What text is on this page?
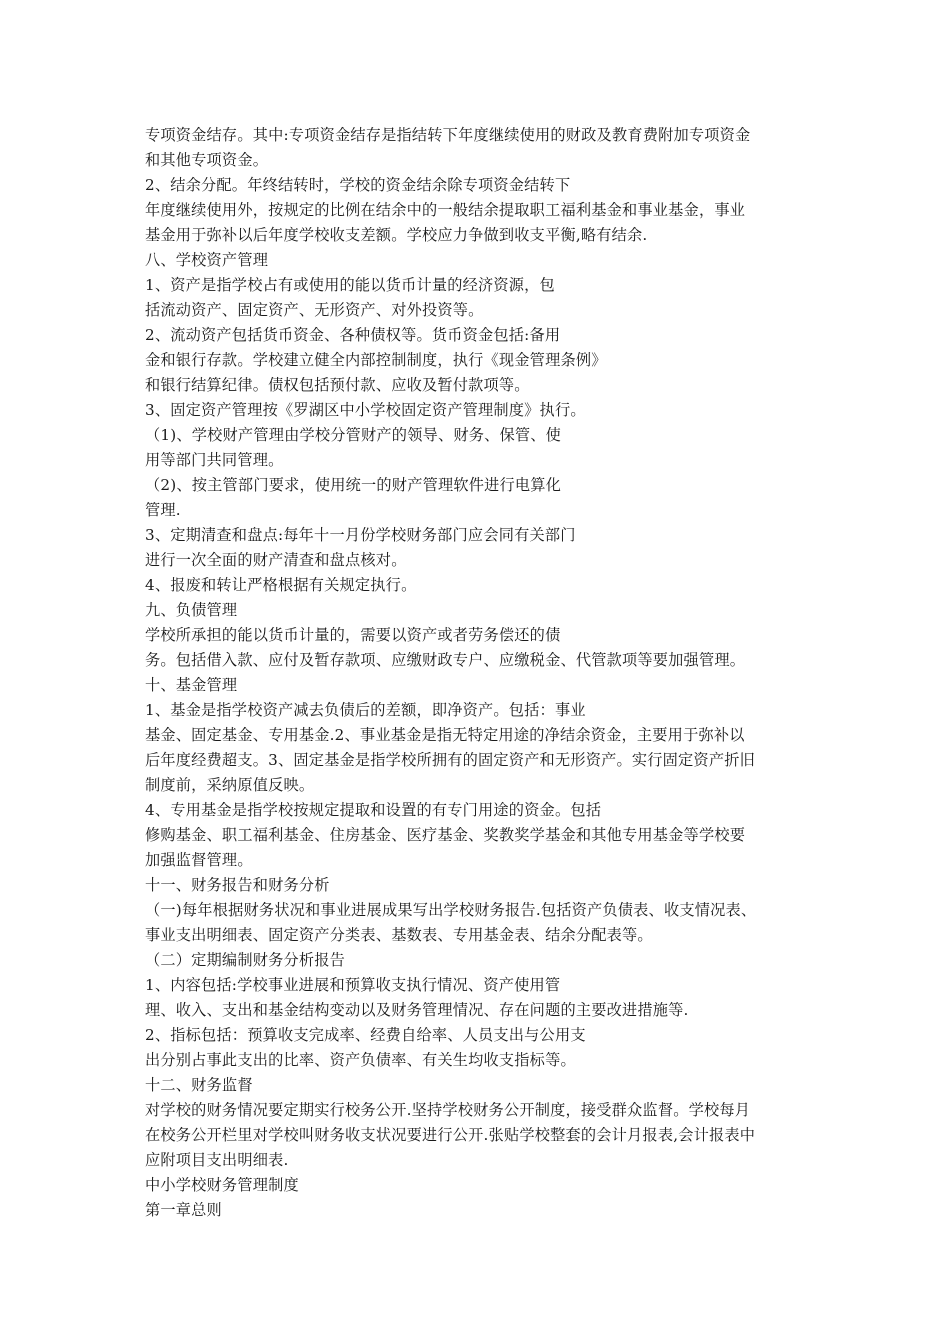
专项资金结存。其中:专项资金结存是指结转下年度继续使用的财政及教育费附加专项资金
和其他专项资金。
2、结余分配。年终结转时，学校的资金结余除专项资金结转下
年度继续使用外，按规定的比例在结余中的一般结余提取职工福利基金和事业基金，事业
基金用于弥补以后年度学校收支差额。学校应力争做到收支平衡,略有结余.
八、学校资产管理
1、资产是指学校占有或使用的能以货币计量的经济资源，包
括流动资产、固定资产、无形资产、对外投资等。
2、流动资产包括货币资金、各种债权等。货币资金包括:备用
金和银行存款。学校建立健全内部控制制度，执行《现金管理条例》
和银行结算纪律。债权包括预付款、应收及暂付款项等。
3、固定资产管理按《罗湖区中小学校固定资产管理制度》执行。
（1)、学校财产管理由学校分管财产的领导、财务、保管、使
用等部门共同管理。
（2)、按主管部门要求，使用统一的财产管理软件进行电算化
管理.
3、定期清查和盘点:每年十一月份学校财务部门应会同有关部门
进行一次全面的财产清查和盘点核对。
4、报废和转让严格根据有关规定执行。
九、负债管理
学校所承担的能以货币计量的，需要以资产或者劳务偿还的债
务。包括借入款、应付及暂存款项、应缴财政专户、应缴税金、代管款项等要加强管理。
十、基金管理
1、基金是指学校资产减去负债后的差额，即净资产。包括：事业
基金、固定基金、专用基金.2、事业基金是指无特定用途的净结余资金，主要用于弥补以
后年度经费超支。3、固定基金是指学校所拥有的固定资产和无形资产。实行固定资产折旧
制度前，采纳原值反映。
4、专用基金是指学校按规定提取和设置的有专门用途的资金。包括
修购基金、职工福利基金、住房基金、医疗基金、奖教奖学基金和其他专用基金等学校要
加强监督管理。
十一、财务报告和财务分析
（一)每年根据财务状况和事业进展成果写出学校财务报告.包括资产负债表、收支情况表、
事业支出明细表、固定资产分类表、基数表、专用基金表、结余分配表等。
（二）定期编制财务分析报告
1、内容包括:学校事业进展和预算收支执行情况、资产使用管
理、收入、支出和基金结构变动以及财务管理情况、存在问题的主要改进措施等.
2、指标包括：预算收支完成率、经费自给率、人员支出与公用支
出分别占事此支出的比率、资产负债率、有关生均收支指标等。
十二、财务监督
对学校的财务情况要定期实行校务公开.坚持学校财务公开制度，接受群众监督。学校每月
在校务公开栏里对学校叫财务收支状况要进行公开.张贴学校整套的会计月报表,会计报表中
应附项目支出明细表.
中小学校财务管理制度
第一章总则
